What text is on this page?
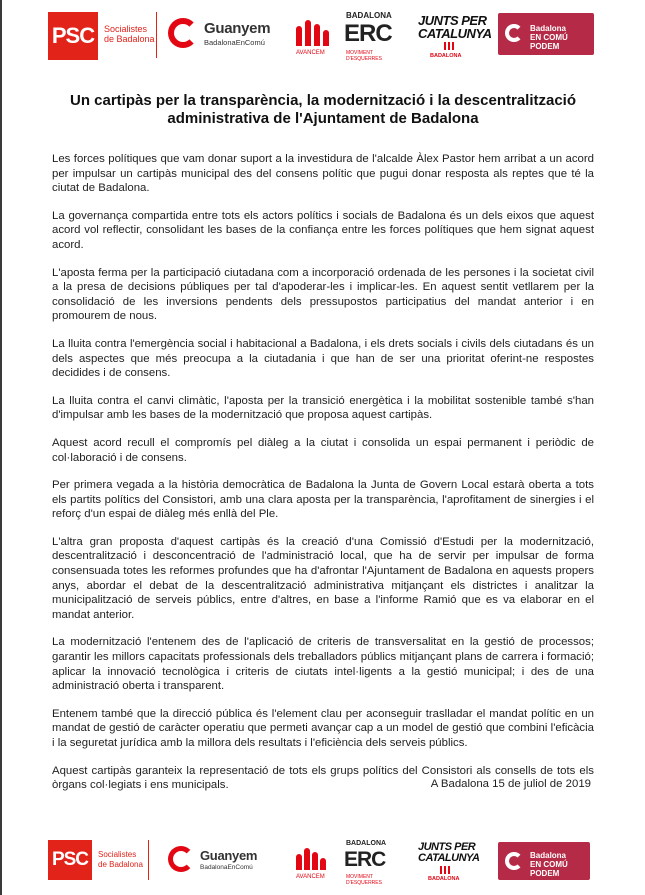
PSC	Socialistes
de Badalona
Guanyem
BadalonaEnComú
AVANCEM
BADALONA
ERC
MOVIMENT D'ESQUERRES
JUNTS PER
CATALUNYA
BADALONA
Badalona
EN COMÚ
PODEM
Un cartipàs per la transparència, la modernització i la descentralització
administrativa de l'Ajuntament de Badalona

Les forces polítiques que vam donar suport a la investidura de l'alcalde Àlex Pastor hem arribat a un acord per impulsar un cartipàs municipal des del consens polític que pugui donar resposta als reptes que té la ciutat de Badalona.

La governança compartida entre tots els actors polítics i socials de Badalona és un dels eixos que aquest acord vol reflectir, consolidant les bases de la confiança entre les forces polítiques que hem signat aquest acord.

L'aposta ferma per la participació ciutadana com a incorporació ordenada de les persones i la societat civil a la presa de decisions públiques per tal d'apoderar-les i implicar-les. En aquest sentit vetllarem per la consolidació de les inversions pendents dels pressupostos participatius del mandat anterior i en promourem de nous.

La lluita contra l'emergència social i habitacional a Badalona, i els drets socials i civils dels ciutadans és un dels aspectes que més preocupa a la ciutadania i que han de ser una prioritat oferint-ne respostes decidides i de consens.

La lluita contra el canvi climàtic, l'aposta per la transició energètica i la mobilitat sostenible també s'han d'impulsar amb les bases de la modernització que proposa aquest cartipàs.

Aquest acord recull el compromís pel diàleg a la ciutat i consolida un espai permanent i periòdic de col·laboració i de consens.

Per primera vegada a la història democràtica de Badalona la Junta de Govern Local estarà oberta a tots els partits polítics del Consistori, amb una clara aposta per la transparència, l'aprofitament de sinergies i el reforç d'un espai de diàleg més enllà del Ple.

L'altra gran proposta d'aquest cartipàs és la creació d'una Comissió d'Estudi per la modernització, descentralització i desconcentració de l'administració local, que ha de servir per impulsar de forma consensuada totes les reformes profundes que ha d'afrontar l'Ajuntament de Badalona en aquests propers anys, abordar el debat de la descentralització administrativa mitjançant els districtes i analitzar la municipalització de serveis públics, entre d'altres, en base a l'informe Ramió que es va elaborar en el mandat anterior.

La modernització l'entenem des de l'aplicació de criteris de transversalitat en la gestió de processos; garantir les millors capacitats professionals dels treballadors públics mitjançant plans de carrera i formació; aplicar la innovació tecnològica i criteris de ciutats intel·ligents a la gestió municipal; i des de una administració oberta i transparent.

Entenem també que la direcció pública és l'element clau per aconseguir traslladar el mandat polític en un mandat de gestió de caràcter operatiu que permeti avançar cap a un model de gestió que combini l'eficàcia i la seguretat jurídica amb la millora dels resultats i l'eficiència dels serveis públics.

Aquest cartipàs garanteix la representació de tots els grups polítics del Consistori als consells de tots els òrgans col·legiats i ens municipals.	A Badalona 15 de juliol de 2019
PSC	Socialistes
de Badalona
Guanyem
BadalonaEnComú
AVANCEM
BADALONA
ERC
MOVIMENT D'ESQUERRES
JUNTS PER
CATALUNYA
BADALONA
Badalona
EN COMÚ
PODEM
